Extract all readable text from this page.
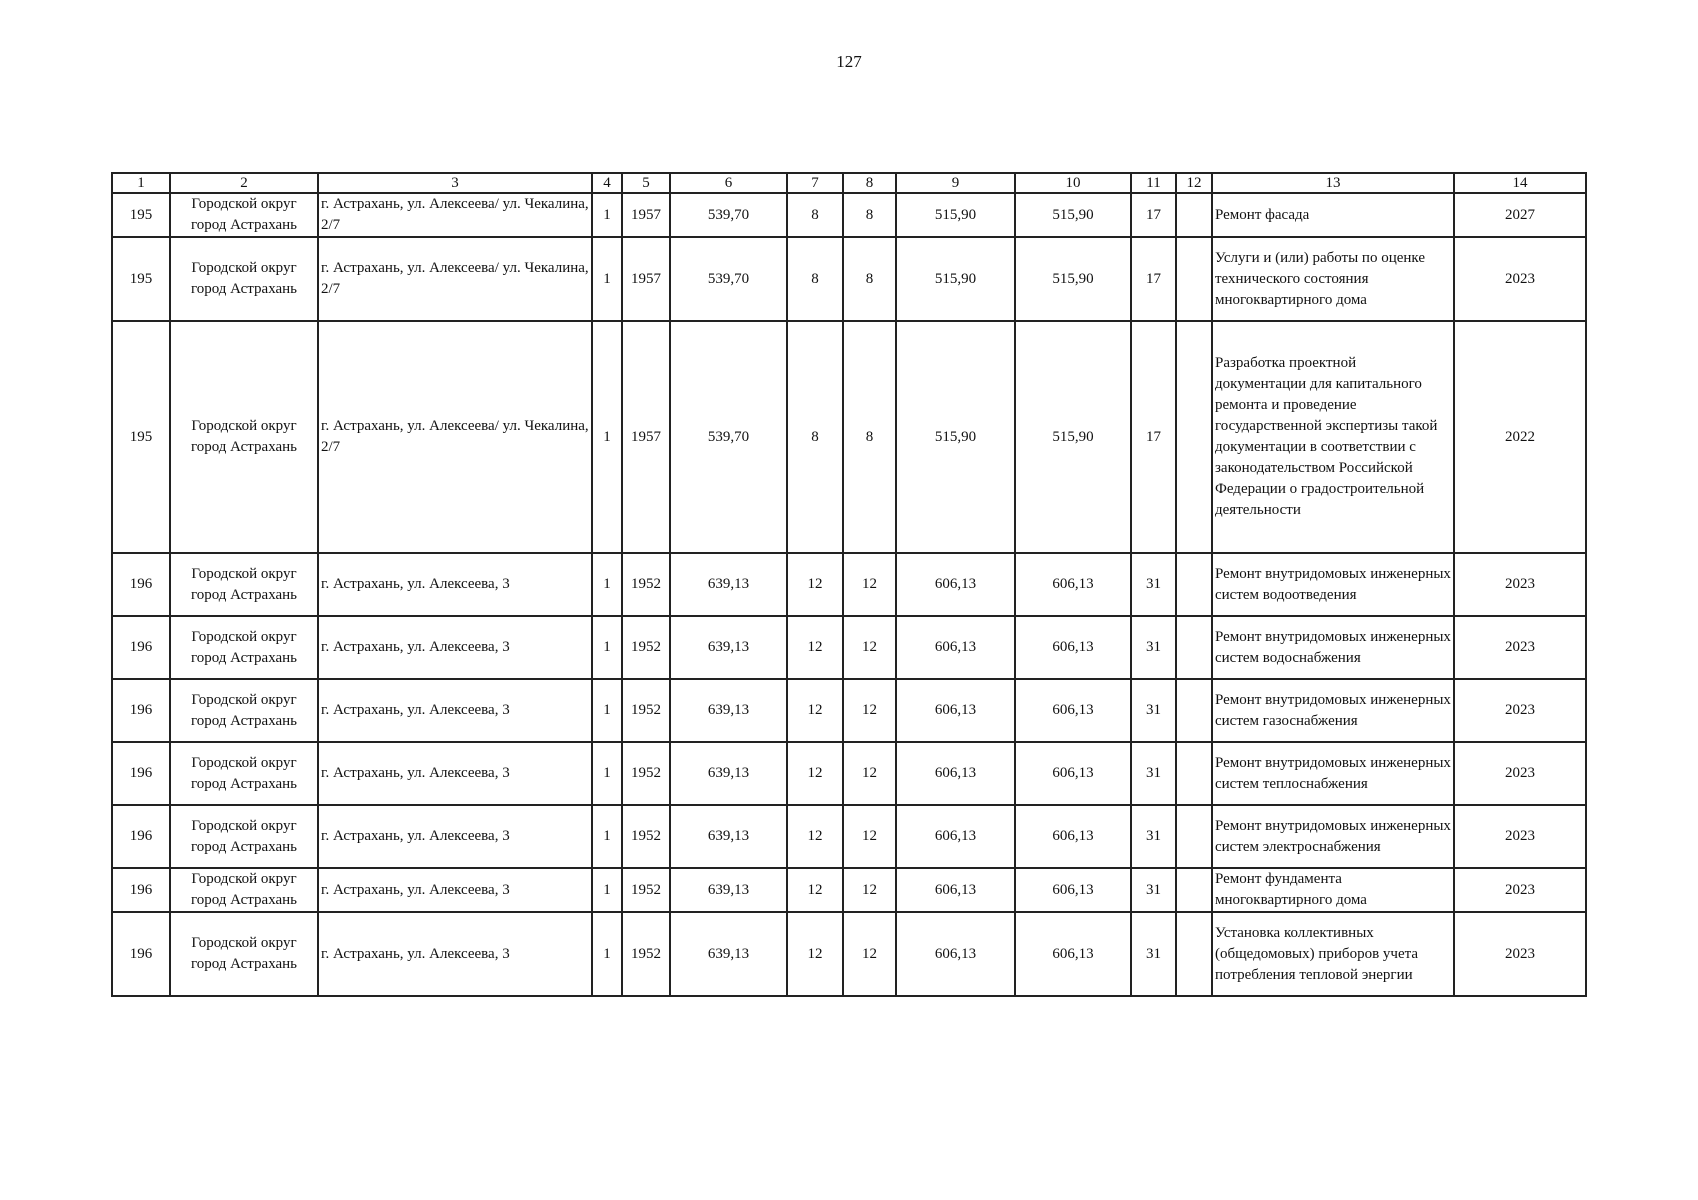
127
1	2	3	4	5	6	7	8	9	10	11	12	13	14
195	Городской округ город Астрахань	г. Астрахань, ул. Алексеева/ ул. Чекалина, 2/7	1	1957	539,70	8	8	515,90	515,90	17		Ремонт фасада	2027
195	Городской округ город Астрахань	г. Астрахань, ул. Алексеева/ ул. Чекалина, 2/7	1	1957	539,70	8	8	515,90	515,90	17		Услуги и (или) работы по оценке технического состояния многоквартирного дома	2023
195	Городской округ город Астрахань	г. Астрахань, ул. Алексеева/ ул. Чекалина, 2/7	1	1957	539,70	8	8	515,90	515,90	17		Разработка проектной документации для капитального ремонта и проведение государственной экспертизы такой документации в соответствии с законодательством Российской Федерации о градостроительной деятельности	2022
196	Городской округ город Астрахань	г. Астрахань, ул. Алексеева, 3	1	1952	639,13	12	12	606,13	606,13	31		Ремонт внутридомовых инженерных систем водоотведения	2023
196	Городской округ город Астрахань	г. Астрахань, ул. Алексеева, 3	1	1952	639,13	12	12	606,13	606,13	31		Ремонт внутридомовых инженерных систем водоснабжения	2023
196	Городской округ город Астрахань	г. Астрахань, ул. Алексеева, 3	1	1952	639,13	12	12	606,13	606,13	31		Ремонт внутридомовых инженерных систем газоснабжения	2023
196	Городской округ город Астрахань	г. Астрахань, ул. Алексеева, 3	1	1952	639,13	12	12	606,13	606,13	31		Ремонт внутридомовых инженерных систем теплоснабжения	2023
196	Городской округ город Астрахань	г. Астрахань, ул. Алексеева, 3	1	1952	639,13	12	12	606,13	606,13	31		Ремонт внутридомовых инженерных систем электроснабжения	2023
196	Городской округ город Астрахань	г. Астрахань, ул. Алексеева, 3	1	1952	639,13	12	12	606,13	606,13	31		Ремонт фундамента многоквартирного дома	2023
196	Городской округ город Астрахань	г. Астрахань, ул. Алексеева, 3	1	1952	639,13	12	12	606,13	606,13	31		Установка коллективных (общедомовых) приборов учета потребления тепловой энергии	2023
